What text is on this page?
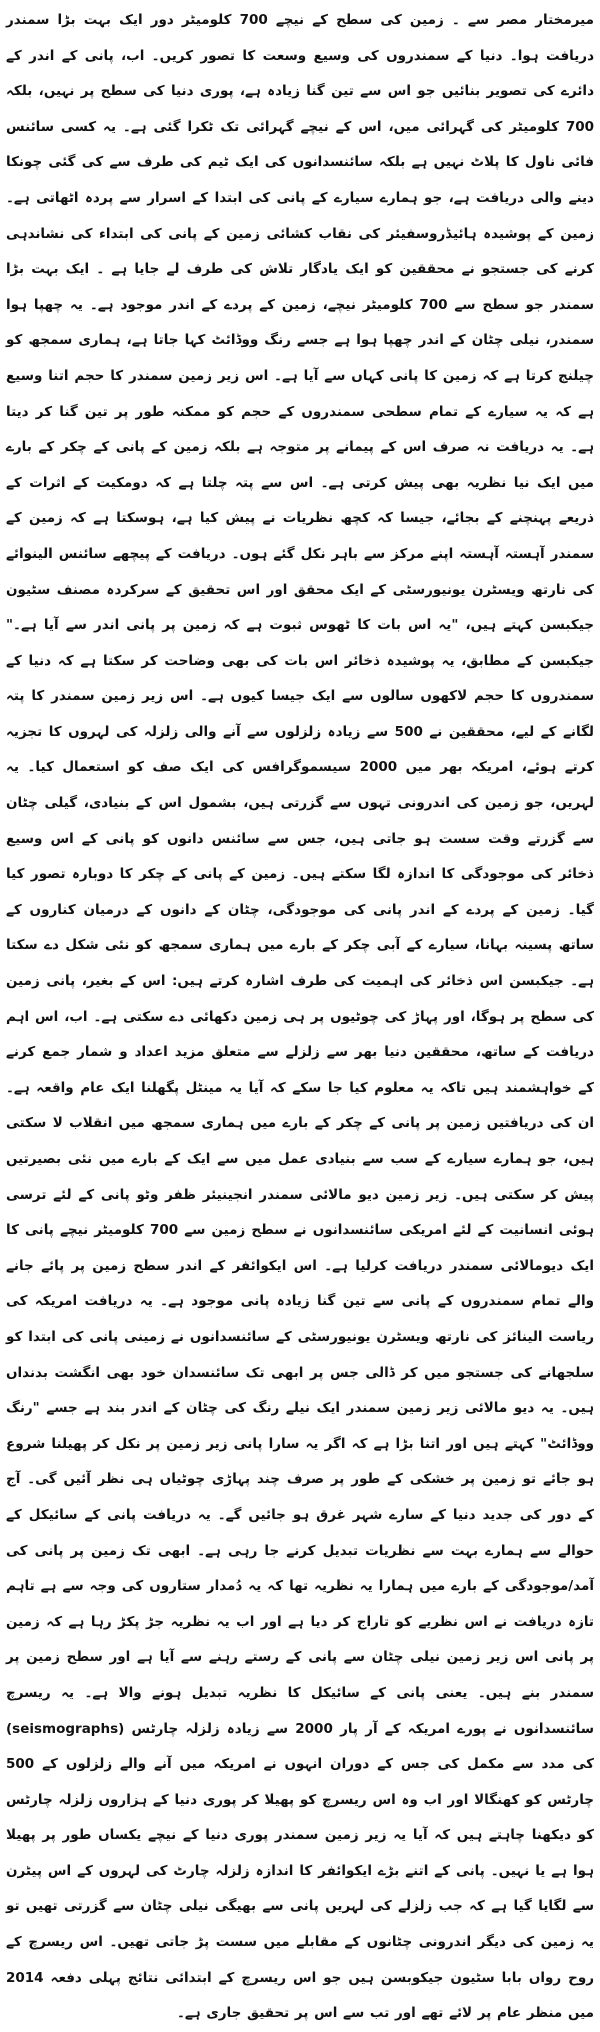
میرمختار مصر سے ۔ زمین کی سطح کے نیچے 700 کلومیٹر دور ایک بہت بڑا سمندر دریافت ہوا۔ دنیا کے سمندروں کی وسیع وسعت کا تصور کریں۔ اب، پانی کے اندر کے دائرے کی تصویر بنائیں جو اس سے تین گنا زیادہ ہے، پوری دنیا کی سطح پر نہیں، بلکہ 700 کلومیٹر کی گہرائی میں، اس کے نیچے گہرائی تک ٹکرا گئی ہے۔ یہ کسی سائنس فائی ناول کا پلاٹ نہیں ہے بلکہ سائنسدانوں کی ایک ٹیم کی طرف سے کی گئی چونکا دینے والی دریافت ہے، جو ہمارے سیارے کے پانی کی ابتدا کے اسرار سے پردہ اٹھاتی ہے۔ زمین کے پوشیدہ ہائیڈروسفیئر کی نقاب کشائی زمین کے پانی کی ابتداء کی نشاندہی کرنے کی جستجو نے محققین کو ایک یادگار تلاش کی طرف لے جایا ہے ۔ ایک بہت بڑا سمندر جو سطح سے 700 کلومیٹر نیچے، زمین کے پردے کے اندر موجود ہے۔ یہ چھپا ہوا سمندر، نیلی چٹان کے اندر چھپا ہوا ہے جسے رنگ ووڈائٹ کہا جاتا ہے، ہماری سمجھ کو چیلنج کرتا ہے کہ زمین کا پانی کہاں سے آیا ہے۔ اس زیر زمین سمندر کا حجم اتنا وسیع ہے کہ یہ سیارے کے تمام سطحی سمندروں کے حجم کو ممکنہ طور پر تین گنا کر دیتا ہے۔ یہ دریافت نہ صرف اس کے پیمانے پر متوجہ ہے بلکہ زمین کے پانی کے چکر کے بارے میں ایک نیا نظریہ بھی پیش کرتی ہے۔ اس سے پتہ چلتا ہے کہ دومکیت کے اثرات کے ذریعے پہنچنے کے بجائے، جیسا کہ کچھ نظریات نے پیش کیا ہے، ہوسکتا ہے کہ زمین کے سمندر آہستہ آہستہ اپنے مرکز سے باہر نکل گئے ہوں۔ دریافت کے پیچھے سائنس الینوائے کی نارتھ ویسٹرن یونیورسٹی کے ایک محقق اور اس تحقیق کے سرکردہ مصنف سٹیون جیکبسن کہتے ہیں، "یہ اس بات کا ٹھوس ثبوت ہے کہ زمین پر پانی اندر سے آیا ہے۔" جیکبسن کے مطابق، یہ پوشیدہ ذخائر اس بات کی بھی وضاحت کر سکتا ہے کہ دنیا کے سمندروں کا حجم لاکھوں سالوں سے ایک جیسا کیوں ہے۔ اس زیر زمین سمندر کا پتہ لگانے کے لیے، محققین نے 500 سے زیادہ زلزلوں سے آنے والی زلزلہ کی لہروں کا تجزیہ کرتے ہوئے، امریکہ بھر میں 2000 سیسموگرافس کی ایک صف کو استعمال کیا۔ یہ لہریں، جو زمین کی اندرونی تہوں سے گزرتی ہیں، بشمول اس کے بنیادی، گیلی چٹان سے گزرتے وقت سست ہو جاتی ہیں، جس سے سائنس دانوں کو پانی کے اس وسیع ذخائر کی موجودگی کا اندازہ لگا سکتے ہیں۔ زمین کے پانی کے چکر کا دوبارہ تصور کیا گیا۔ زمین کے پردے کے اندر پانی کی موجودگی، چٹان کے دانوں کے درمیان کناروں کے ساتھ پسینہ بہانا، سیارے کے آبی چکر کے بارے میں ہماری سمجھ کو نئی شکل دے سکتا ہے۔ جیکبسن اس ذخائر کی اہمیت کی طرف اشارہ کرتے ہیں: اس کے بغیر، پانی زمین کی سطح پر ہوگا، اور پہاڑ کی چوٹیوں پر ہی زمین دکھائی دے سکتی ہے۔ اب، اس اہم دریافت کے ساتھ، محققین دنیا بھر سے زلزلے سے متعلق مزید اعداد و شمار جمع کرنے کے خواہشمند ہیں تاکہ یہ معلوم کیا جا سکے کہ آیا یہ مینٹل پگھلنا ایک عام واقعہ ہے۔ ان کی دریافتیں زمین پر پانی کے چکر کے بارے میں ہماری سمجھ میں انقلاب لا سکتی ہیں، جو ہمارے سیارے کے سب سے بنیادی عمل میں سے ایک کے بارے میں نئی بصیرتیں پیش کر سکتی ہیں۔ زیر زمین دیو مالائی سمندر انجینیئر ظفر وٹو پانی کے لئے ترسی ہوئی انسانیت کے لئے امریکی سائنسدانوں نے سطح زمین سے 700 کلومیٹر نیچے پانی کا ایک دیومالائی سمندر دریافت کرلیا ہے۔ اس ایکوائفر کے اندر سطح زمین پر پائے جانے والے تمام سمندروں کے پانی سے تین گنا زیادہ پانی موجود ہے۔ یہ دریافت امریکہ کی ریاست الینائز کی نارتھ ویسٹرن یونیورسٹی کے سائنسدانوں نے زمینی پانی کی ابتدا کو سلجھانے کی جستجو میں کر ڈالی جس پر ابھی تک سائنسدان خود بھی انگشت بدنداں ہیں۔ یہ دیو مالائی زیر زمین سمندر ایک نیلے رنگ کی چٹان کے اندر بند ہے جسے "رنگ ووڈائٹ" کہتے ہیں اور اتنا بڑا ہے کہ اگر یہ سارا پانی زیر زمین پر نکل کر پھیلنا شروع ہو جائے تو زمین پر خشکی کے طور پر صرف چند پہاڑی چوٹیاں ہی نظر آئیں گی۔ آج کے دور کی جدید دنیا کے سارے شہر غرق ہو جائیں گے۔ یہ دریافت پانی کے سائیکل کے حوالے سے ہمارے بہت سے نظریات تبدیل کرنے جا رہی ہے۔ ابھی تک زمین پر پانی کی آمد/موجودگی کے بارے میں ہمارا یہ نظریہ تھا کہ یہ دُمدار ستاروں کی وجہ سے ہے تاہم تازہ دریافت نے اس نظریے کو تاراج کر دیا ہے اور اب یہ نظریہ جڑ پکڑ رہا ہے کہ زمین پر پانی اس زیر زمین نیلی چٹان سے پانی کے رستے رہنے سے آیا ہے اور سطح زمین پر سمندر بنے ہیں۔ یعنی پانی کے سائیکل کا نظریہ تبدیل ہونے والا ہے۔ یہ ریسرچ سائنسدانوں نے پورے امریکہ کے آر پار 2000 سے زیادہ زلزلہ چارٹس (seismographs) کی مدد سے مکمل کی جس کے دوران انہوں نے امریکہ میں آنے والے زلزلوں کے 500 چارٹس کو کھنگالا اور اب وہ اس ریسرچ کو پھیلا کر پوری دنیا کے ہزاروں زلزلہ چارٹس کو دیکھنا چاہتے ہیں کہ آیا یہ زیر زمین سمندر پوری دنیا کے نیچے یکساں طور پر پھیلا ہوا ہے یا نہیں۔ پانی کے اتنے بڑے ایکوائفر کا اندازہ زلزلہ چارٹ کی لہروں کے اس پیٹرن سے لگایا گیا ہے کہ جب زلزلے کی لہریں پانی سے بھیگی نیلی چٹان سے گزرتی تھیں تو یہ زمین کی دیگر اندرونی چٹانوں کے مقابلے میں سست پڑ جاتی تھیں۔ اس ریسرچ کے روح رواں بابا سٹیون جیکوبسن ہیں جو اس ریسرچ کے ابتدائی نتائج پہلی دفعہ 2014 میں منظر عام پر لائے تھے اور تب سے اس پر تحقیق جاری ہے۔
